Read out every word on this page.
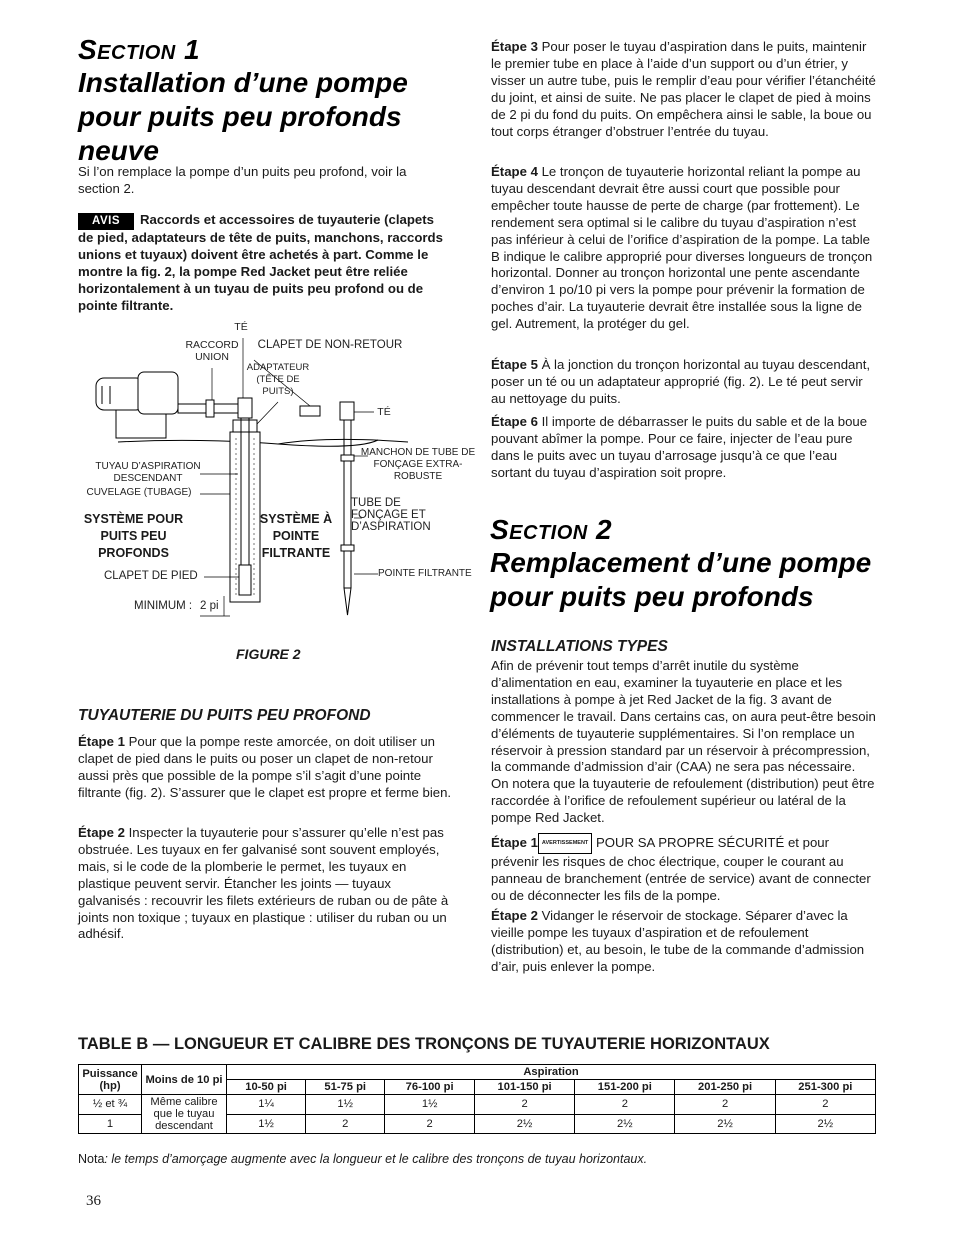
Section 1
Installation d’une pompe
pour puits peu profonds
neuve

Si l’on remplace la pompe d’un puits peu profond, voir la section 2.

AVIS Raccords et accessoires de tuyauterie (clapets de pied, adaptateurs de tête de puits, manchons, raccords unions et tuyaux) doivent être achetés à part. Comme le montre la fig. 2, la pompe Red Jacket peut être reliée horizontalement à un tuyau de puits peu profond ou de pointe filtrante.
TÉ
RACCORD UNION
CLAPET DE NON-RETOUR
ADAPTATEUR (TÊTE DE PUITS)
TÉ
MANCHON DE TUBE DE FONÇAGE EXTRA-ROBUSTE
TUYAU D’ASPIRATION DESCENDANT
CUVELAGE (TUBAGE)
TUBE DE FONÇAGE ET D’ASPIRATION
SYSTÈME POUR PUITS PEU PROFONDS
SYSTÈME À POINTE FILTRANTE
CLAPET DE PIED	POINTE FILTRANTE
MINIMUM : 2 pi
FIGURE 2
TUYAUTERIE DU PUITS PEU PROFOND
Étape 1 Pour que la pompe reste amorcée, on doit utiliser un clapet de pied dans le puits ou poser un clapet de non-retour aussi près que possible de la pompe s’il s’agit d’une pointe filtrante (fig. 2). S’assurer que le clapet est propre et ferme bien.
Étape 2 Inspecter la tuyauterie pour s’assurer qu’elle n’est pas obstruée. Les tuyaux en fer galvanisé sont souvent employés, mais, si le code de la plomberie le permet, les tuyaux en plastique peuvent servir. Étancher les joints — tuyaux galvanisés : recouvrir les filets extérieurs de ruban ou de pâte à joints non toxique ; tuyaux en plastique : utiliser du ruban ou un adhésif.
Étape 3 Pour poser le tuyau d’aspiration dans le puits, maintenir le premier tube en place à l’aide d’un support ou d’un étrier, y visser un autre tube, puis le remplir d’eau pour vérifier l’étanchéité du joint, et ainsi de suite. Ne pas placer le clapet de pied à moins de 2 pi du fond du puits. On empêchera ainsi le sable, la boue ou tout corps étranger d’obstruer l’entrée du tuyau.
Étape 4 Le tronçon de tuyauterie horizontal reliant la pompe au tuyau descendant devrait être aussi court que possible pour empêcher toute hausse de perte de charge (par frottement). Le rendement sera optimal si le calibre du tuyau d’aspiration n’est pas inférieur à celui de l’orifice d’aspiration de la pompe. La table B indique le calibre approprié pour diverses longueurs de tronçon horizontal. Donner au tronçon horizontal une pente ascendante d’environ 1 po/10 pi vers la pompe pour prévenir la formation de poches d’air. La tuyauterie devrait être installée sous la ligne de gel. Autrement, la protéger du gel.
Étape 5 À la jonction du tronçon horizontal au tuyau descendant, poser un té ou un adaptateur approprié (fig. 2). Le té peut servir au nettoyage du puits.
Étape 6 Il importe de débarrasser le puits du sable et de la boue pouvant abîmer la pompe. Pour ce faire, injecter de l’eau pure dans le puits avec un tuyau d’arrosage jusqu’à ce que l’eau sortant du tuyau d’aspiration soit propre.
Section 2
Remplacement d’une pompe
pour puits peu profonds
INSTALLATIONS TYPES

Afin de prévenir tout temps d’arrêt inutile du système d’alimentation en eau, examiner la tuyauterie en place et les installations à pompe à jet Red Jacket de la fig. 3 avant de commencer le travail. Dans certains cas, on aura peut-être besoin d’éléments de tuyauterie supplémentaires. Si l’on remplace un réservoir à pression standard par un réservoir à précompression, la commande d’admission d’air (CAA) ne sera pas nécessaire. On notera que la tuyauterie de refoulement (distribution) peut être raccordée à l’orifice de refoulement supérieur ou latéral de la pompe Red Jacket.

Étape 1 AVERTISSEMENT POUR SA PROPRE SÉCURITÉ et pour prévenir les risques de choc électrique, couper le courant au panneau de branchement (entrée de service) avant de connecter ou de déconnecter les fils de la pompe.
Étape 2 Vidanger le réservoir de stockage. Séparer d’avec la vieille pompe les tuyaux d’aspiration et de refoulement (distribution) et, au besoin, le tube de la commande d’admission d’air, puis enlever la pompe.
TABLE B — LONGUEUR ET CALIBRE DES TRONÇONS DE TUYAUTERIE HORIZONTAUX
Puissance (hp)	Moins de 10 pi	Aspiration						
		10-50 pi	51-75 pi	76-100 pi	101-150 pi	151-200 pi	201-250 pi	251-300 pi
½ et ¾	Même calibre que le tuyau descendant	1¼	1½	1½	2	2	2	2
1		1½	2	2	2½	2½	2½	2½
Nota: le temps d’amorçage augmente avec la longueur et le calibre des tronçons de tuyau horizontaux.
36
